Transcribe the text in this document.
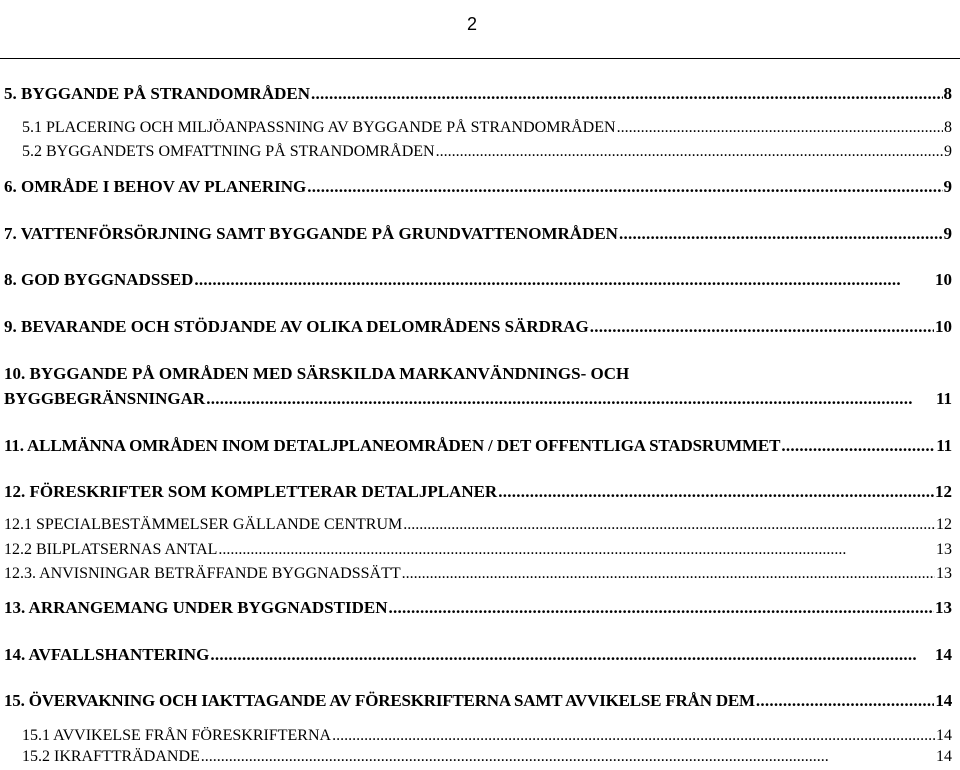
2
5. BYGGANDE PÅ STRANDOMRÅDEN . . .	8
5.1 PLACERING OCH MILJÖANPASSNING AV BYGGANDE PÅ STRANDOMRÅDEN . . .	8
5.2 BYGGANDETS OMFATTNING PÅ STRANDOMRÅDEN . . .	9
6. OMRÅDE I BEHOV AV PLANERING . . .	9
7. VATTENFÖRSÖRJNING SAMT BYGGANDE PÅ GRUNDVATTENOMRÅDEN . . .	9
8. GOD BYGGNADSSED . . .	10
9. BEVARANDE OCH STÖDJANDE AV OLIKA DELOMRÅDENS SÄRDRAG . . .	10
10. BYGGANDE PÅ OMRÅDEN MED SÄRSKILDA MARKANVÄNDNINGS- OCH
BYGGBEGRÄNSNINGAR . . .	11
11. ALLMÄNNA OMRÅDEN INOM DETALJPLANEOMRÅDEN / DET OFFENTLIGA STADSRUMMET . . .	11
12. FÖRESKRIFTER SOM KOMPLETTERAR DETALJPLANER . . .	12
12.1 SPECIALBESTÄMMELSER GÄLLANDE CENTRUM . . .	12
12.2 BILPLATSERNAS ANTAL . . .	13
12.3. ANVISNINGAR BETRÄFFANDE BYGGNADSSÄTT . . .	13
13. ARRANGEMANG UNDER BYGGNADSTIDEN . . .	13
14. AVFALLSHANTERING . . .	14
15. ÖVERVAKNING OCH IAKTTAGANDE AV FÖRESKRIFTERNA SAMT AVVIKELSE FRÅN DEM . . .	14
15.1 AVVIKELSE FRÅN FÖRESKRIFTERNA . . .	14
15.2 IKRAFTTRÄDANDE . . .	14
